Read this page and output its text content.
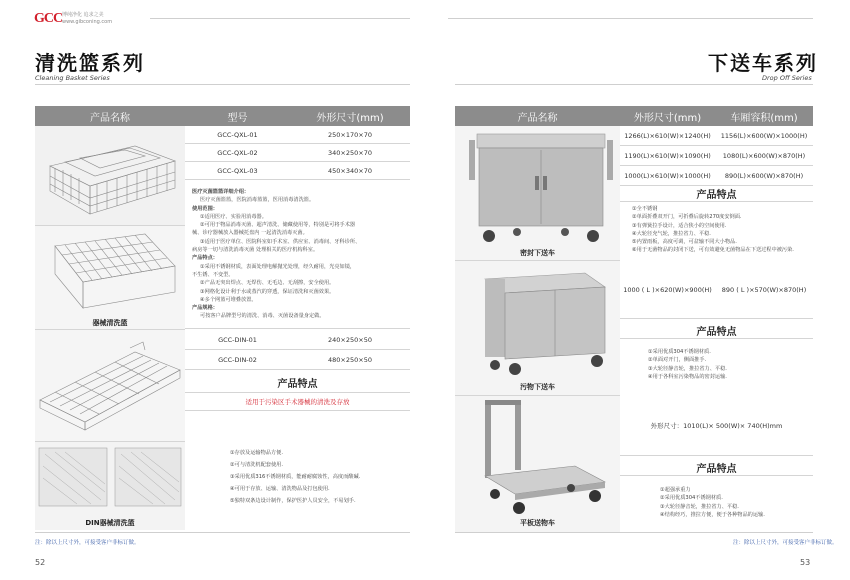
GCC 博纯净化 追求之美
www.gibconing.com
清洗篮系列
Cleaning Basket Series
产品名称	型号	外形尺寸(mm)
GCC-QXL-01	250×170×70
GCC-QXL-02	340×250×70
GCC-QXL-03	450×340×70
器械清洗篮
医疗灭菌篮篮详细介绍：
医疗灭菌篮篮，医院消毒篮篮，医用消毒清洗篮。
使用范围：
①适用医疗、实验用消毒器。
②可用于物品消毒灭菌、超声清洗、储藏使用等，特别是可将手术器
械、诊疗器械放入器械托盘内 一起清洗消毒灭菌。
③适用于医疗单位、医院科室如手术室、供应室、消毒间、牙科诊所、
病房等一切与清洗消毒灭菌 处理相关的医疗机构科室。
产品特点：
①采用不锈钢材质，表面处理电解抛光处理，经久耐用，光亮如镜，
不生锈、不变型。
②产品无突出焊点、无焊伤、无毛边、无刮擦，安全使用。
③网格化设计利于水或蒸汽的穿透，保证清洗和灭菌效果。
④多个网篮可堆叠放置。
产品规格：
可按客户品牌型号的清洗、消毒、灭菌设备量身定做。
GCC-DIN-01	240×250×50
GCC-DIN-02	480×250×50
产品特点
适用于污染区手术器械的清洗及存放
DIN器械清洗篮
①存放及运输物品方便.
②可与清洗机配套使用.
③采用优质316不锈钢材质，能耐耐腐蚀性，高度而酸碱.
④可用于存放、运输、清洗物品及打包使用.
⑤独特双条边设计制作，保护医护人员安全，不易划手.
注：除以上尺寸外，可接受客户非标订做。
52
下送车系列
Drop Off Series
产品名称	外形尺寸(mm)	车厢容积(mm)
密封下送车
1266(L)×610(W)×1240(H)	1156(L)×600(W)×1000(H)
1190(L)×610(W)×1090(H)	1080(L)×600(W)×870(H)
1000(L)×610(W)×1000(H)	890(L)×600(W)×870(H)
产品特点
①全不锈钢
②单面折叠双开门，可折叠后旋转270度安倒面.
③有弹簧拉手设计，适合狭小的空间使用.
④大轮径充气轮，推拉省力、平稳.
⑤内置雨板，高度可调，可盆输不同大小物品.
⑥用于无菌物品的封闭下送，可有效避免无菌物品在下送过程中被污染.
污物下送车
1000 ( L )×620(W)×900(H)	890 ( L )×570(W)×870(H)
产品特点
①采用优质304不锈钢材质.
②单面对开门，侧面推手.
③大轮径静音轮，推拉省力、平稳.
④用于各科室污染物品的密封运输.
平板送物车
外形尺寸：1010(L)× 500(W)× 740(H)mm
产品特点
①超强承重力
②采用优质304不锈钢材质.
③大轮径静音轮，推拉省力、平稳.
④结构经巧，推拉方便，便于各种物品的运输.
注：除以上尺寸外，可接受客户非标订做。
53
